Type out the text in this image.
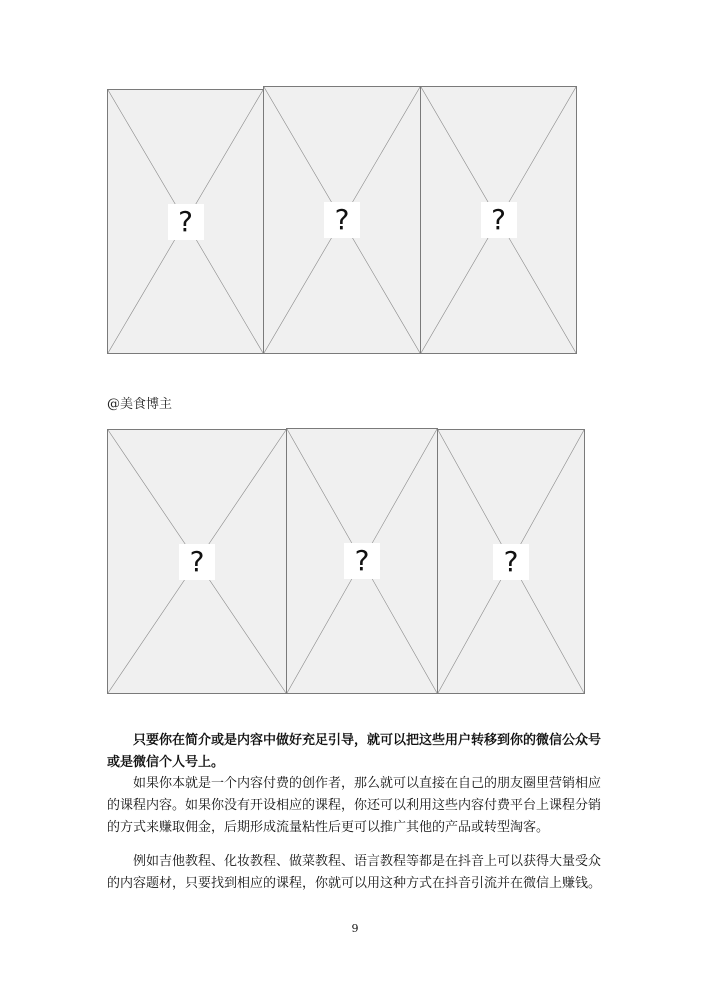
?	?	?
@美食博主
?	?	?

只要你在简介或是内容中做好充足引导，就可以把这些用户转移到你的微信公众号或是微信个人号上。

如果你本就是一个内容付费的创作者，那么就可以直接在自己的朋友圈里营销相应的课程内容。如果你没有开设相应的课程，你还可以利用这些内容付费平台上课程分销的方式来赚取佣金，后期形成流量粘性后更可以推广其他的产品或转型淘客。

例如吉他教程、化妆教程、做菜教程、语言教程等都是在抖音上可以获得大量受众的内容题材，只要找到相应的课程，你就可以用这种方式在抖音引流并在微信上赚钱。

9
